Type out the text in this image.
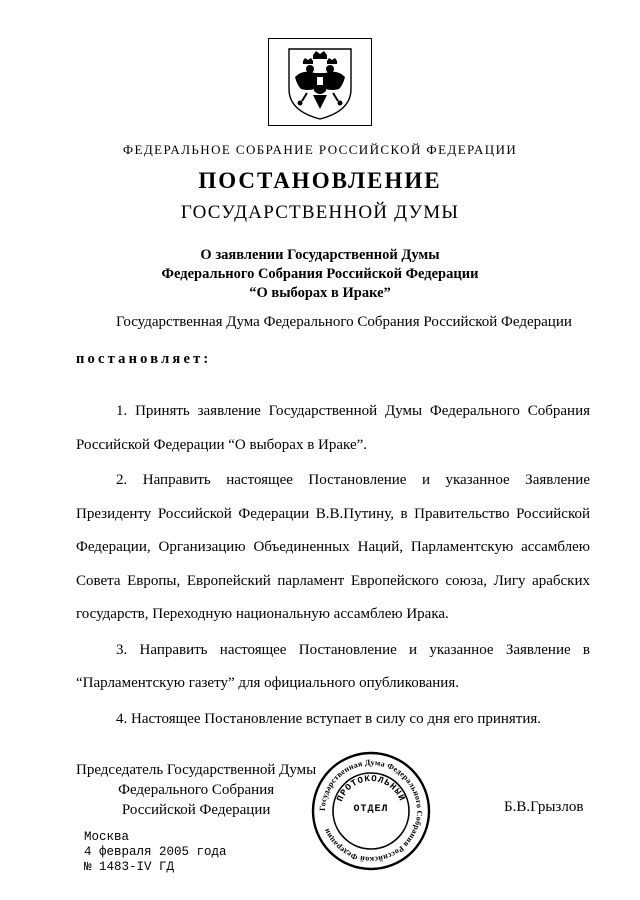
ФЕДЕРАЛЬНОЕ СОБРАНИЕ РОССИЙСКОЙ ФЕДЕРАЦИИ
ПОСТАНОВЛЕНИЕ
ГОСУДАРСТВЕННОЙ ДУМЫ
О заявлении Государственной Думы
Федерального Собрания Российской Федерации
“О выборах в Ираке”
Государственная Дума Федерального Собрания Российской Федерации
постановляет:

1. Принять заявление Государственной Думы Федерального Собрания Российской Федерации “О выборах в Ираке”.

2. Направить настоящее Постановление и указанное Заявление Президенту Российской Федерации В.В.Путину, в Правительство Российской Федерации, Организацию Объединенных Наций, Парламентскую ассамблею Совета Европы, Европейский парламент Европейского союза, Лигу арабских государств, Переходную национальную ассамблею Ирака.

3. Направить настоящее Постановление и указанное Заявление в “Парламентскую газету” для официального опубликования.

4. Настоящее Постановление вступает в силу со дня его принятия.

Председатель Государственной Думы
Федерального Собрания
Российской Федерации	Государственная Дума Федерального Собрания Российской Федерации
ПРОТОКОЛЬНЫЙ
ОТДЕЛ	Б.В.Грызлов
Москва
4 февраля 2005 года
№ 1483-IV ГД
